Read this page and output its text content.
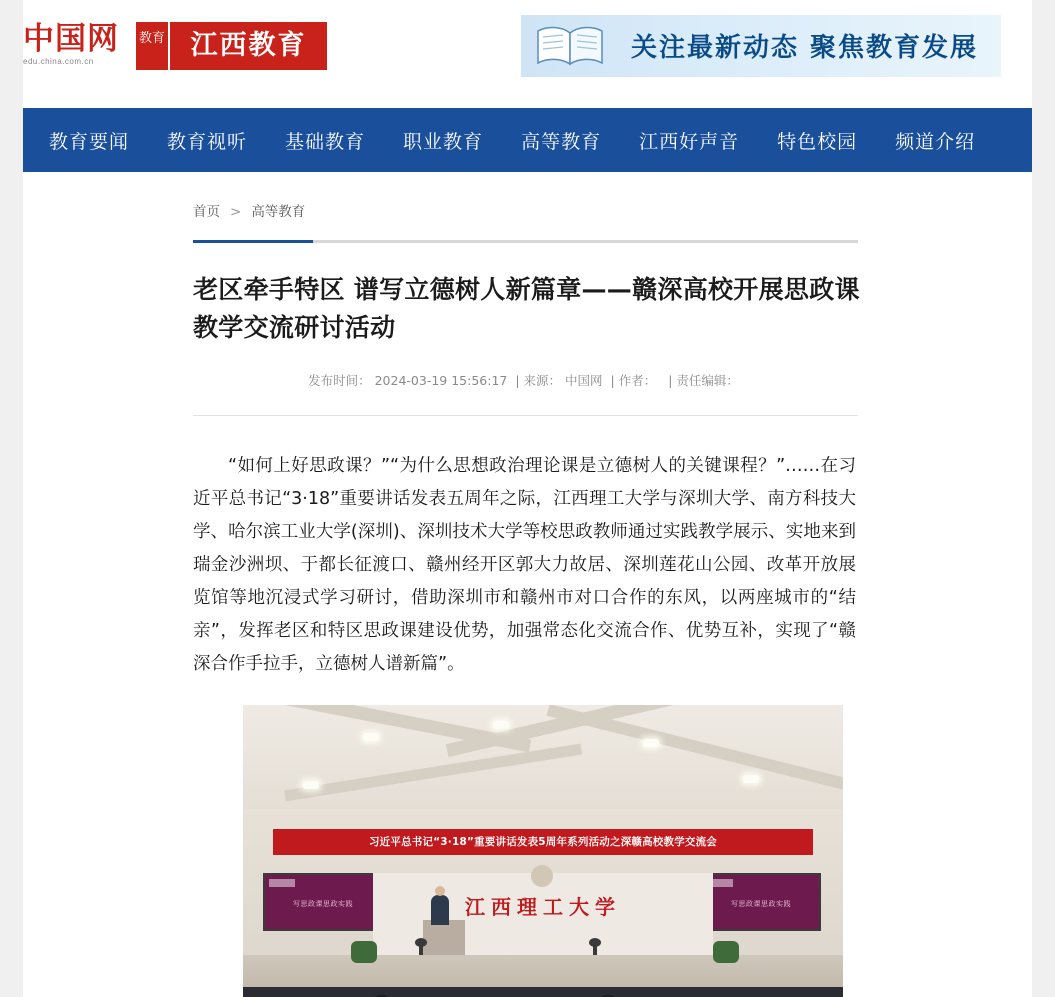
中国网
edu.china.com.cn
教育 江西教育	关注最新动态 聚焦教育发展
教育要闻 教育视听 基础教育 职业教育 高等教育 江西好声音 特色校园 频道介绍
首页 > 高等教育
老区牵手特区 谱写立德树人新篇章——赣深高校开展思政课教学交流研讨活动
发布时间： 2024-03-19 15:56:17 | 来源： 中国网 | 作者： | 责任编辑：

“如何上好思政课？”“为什么思想政治理论课是立德树人的关键课程？”……在习近平总书记“3·18”重要讲话发表五周年之际，江西理工大学与深圳大学、南方科技大学、哈尔滨工业大学(深圳)、深圳技术大学等校思政教师通过实践教学展示、实地来到瑞金沙洲坝、于都长征渡口、赣州经开区郭大力故居、深圳莲花山公园、改革开放展览馆等地沉浸式学习研讨，借助深圳市和赣州市对口合作的东风，以两座城市的“结亲”，发挥老区和特区思政课建设优势，加强常态化交流合作、优势互补，实现了“赣深合作手拉手，立德树人谱新篇”。

习近平总书记“3·18”重要讲话发表5周年系列活动之深赣高校教学交流会
写思政课思政实践	写思政课思政实践
江西理工大学
